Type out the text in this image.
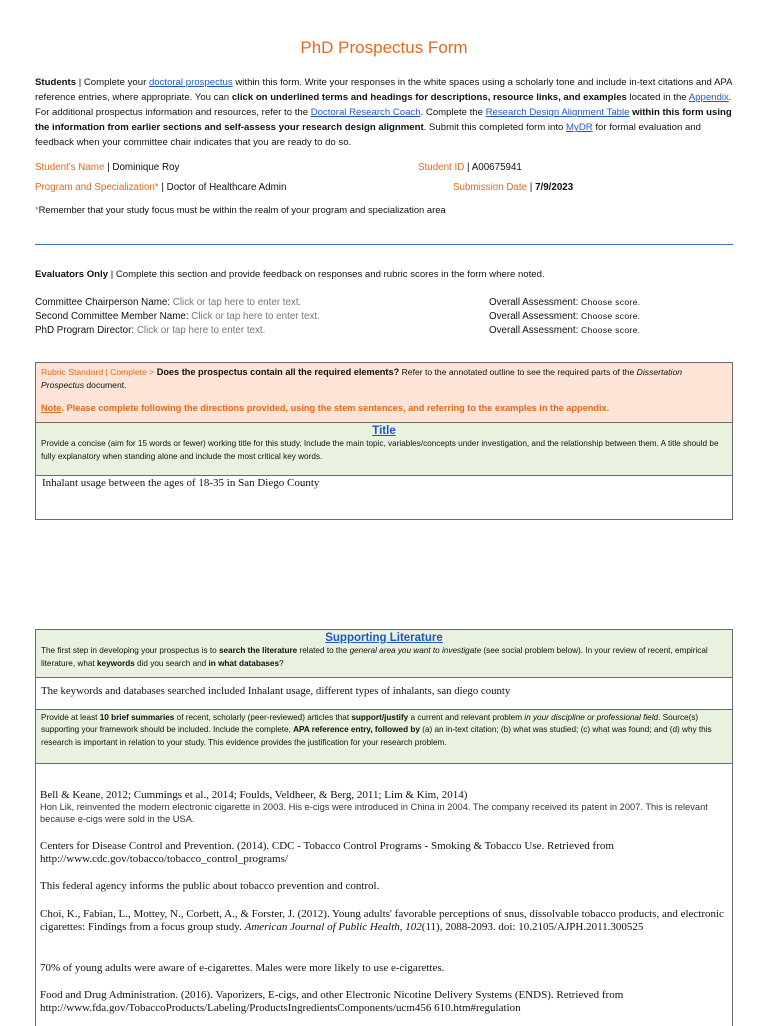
PhD Prospectus Form
Students | Complete your doctoral prospectus within this form. Write your responses in the white spaces using a scholarly tone and include in-text citations and APA reference entries, where appropriate. You can click on underlined terms and headings for descriptions, resource links, and examples located in the Appendix. For additional prospectus information and resources, refer to the Doctoral Research Coach. Complete the Research Design Alignment Table within this form using the information from earlier sections and self-assess your research design alignment. Submit this completed form into MyDR for formal evaluation and feedback when your committee chair indicates that you are ready to do so.
Student's Name | Dominique Roy	Student ID | A00675941
Program and Specialization* | Doctor of Healthcare Admin	Submission Date | 7/9/2023
*Remember that your study focus must be within the realm of your program and specialization area
Evaluators Only | Complete this section and provide feedback on responses and rubric scores in the form where noted.
Committee Chairperson Name: Click or tap here to enter text.	Overall Assessment: Choose score.
Second Committee Member Name: Click or tap here to enter text.	Overall Assessment: Choose score.
PhD Program Director: Click or tap here to enter text.	Overall Assessment: Choose score.
Rubric Standard | Complete > Does the prospectus contain all the required elements? Refer to the annotated outline to see the required parts of the Dissertation Prospectus document.
Note. Please complete following the directions provided, using the stem sentences, and referring to the examples in the appendix.
Title
Provide a concise (aim for 15 words or fewer) working title for this study. Include the main topic, variables/concepts under investigation, and the relationship between them. A title should be fully explanatory when standing alone and include the most critical key words.
Inhalant usage between the ages of 18-35 in San Diego County
Supporting Literature
The first step in developing your prospectus is to search the literature related to the general area you want to investigate (see social problem below). In your review of recent, empirical literature, what keywords did you search and in what databases?
The keywords and databases searched included Inhalant usage, different types of inhalants, san diego county
Provide at least 10 brief summaries of recent, scholarly (peer-reviewed) articles that support/justify a current and relevant problem in your discipline or professional field. Source(s) supporting your framework should be included. Include the complete, APA reference entry, followed by (a) an in-text citation; (b) what was studied; (c) what was found; and (d) why this research is important in relation to your study. This evidence provides the justification for your research problem.
Bell & Keane, 2012; Cummings et al., 2014; Foulds, Veldheer, & Berg, 2011; Lim & Kim, 2014)
Hon Lik, reinvented the modern electronic cigarette in 2003. His e-cigs were introduced in China in 2004. The company received its patent in 2007. This is relevant because e-cigs were sold in the USA.
Centers for Disease Control and Prevention. (2014). CDC - Tobacco Control Programs - Smoking & Tobacco Use. Retrieved from http://www.cdc.gov/tobacco/tobacco_control_programs/
This federal agency informs the public about tobacco prevention and control.
Choi, K., Fabian, L., Mottey, N., Corbett, A., & Forster, J. (2012). Young adults' favorable perceptions of snus, dissolvable tobacco products, and electronic cigarettes: Findings from a focus group study. American Journal of Public Health, 102(11), 2088-2093. doi: 10.2105/AJPH.2011.300525
70% of young adults were aware of e-cigarettes. Males were more likely to use e-cigarettes.
Food and Drug Administration. (2016). Vaporizers, E-cigs, and other Electronic Nicotine Delivery Systems (ENDS). Retrieved from http://www.fda.gov/TobaccoProducts/Labeling/ProductsIngredientsComponents/ucm456 610.htm#regulation
